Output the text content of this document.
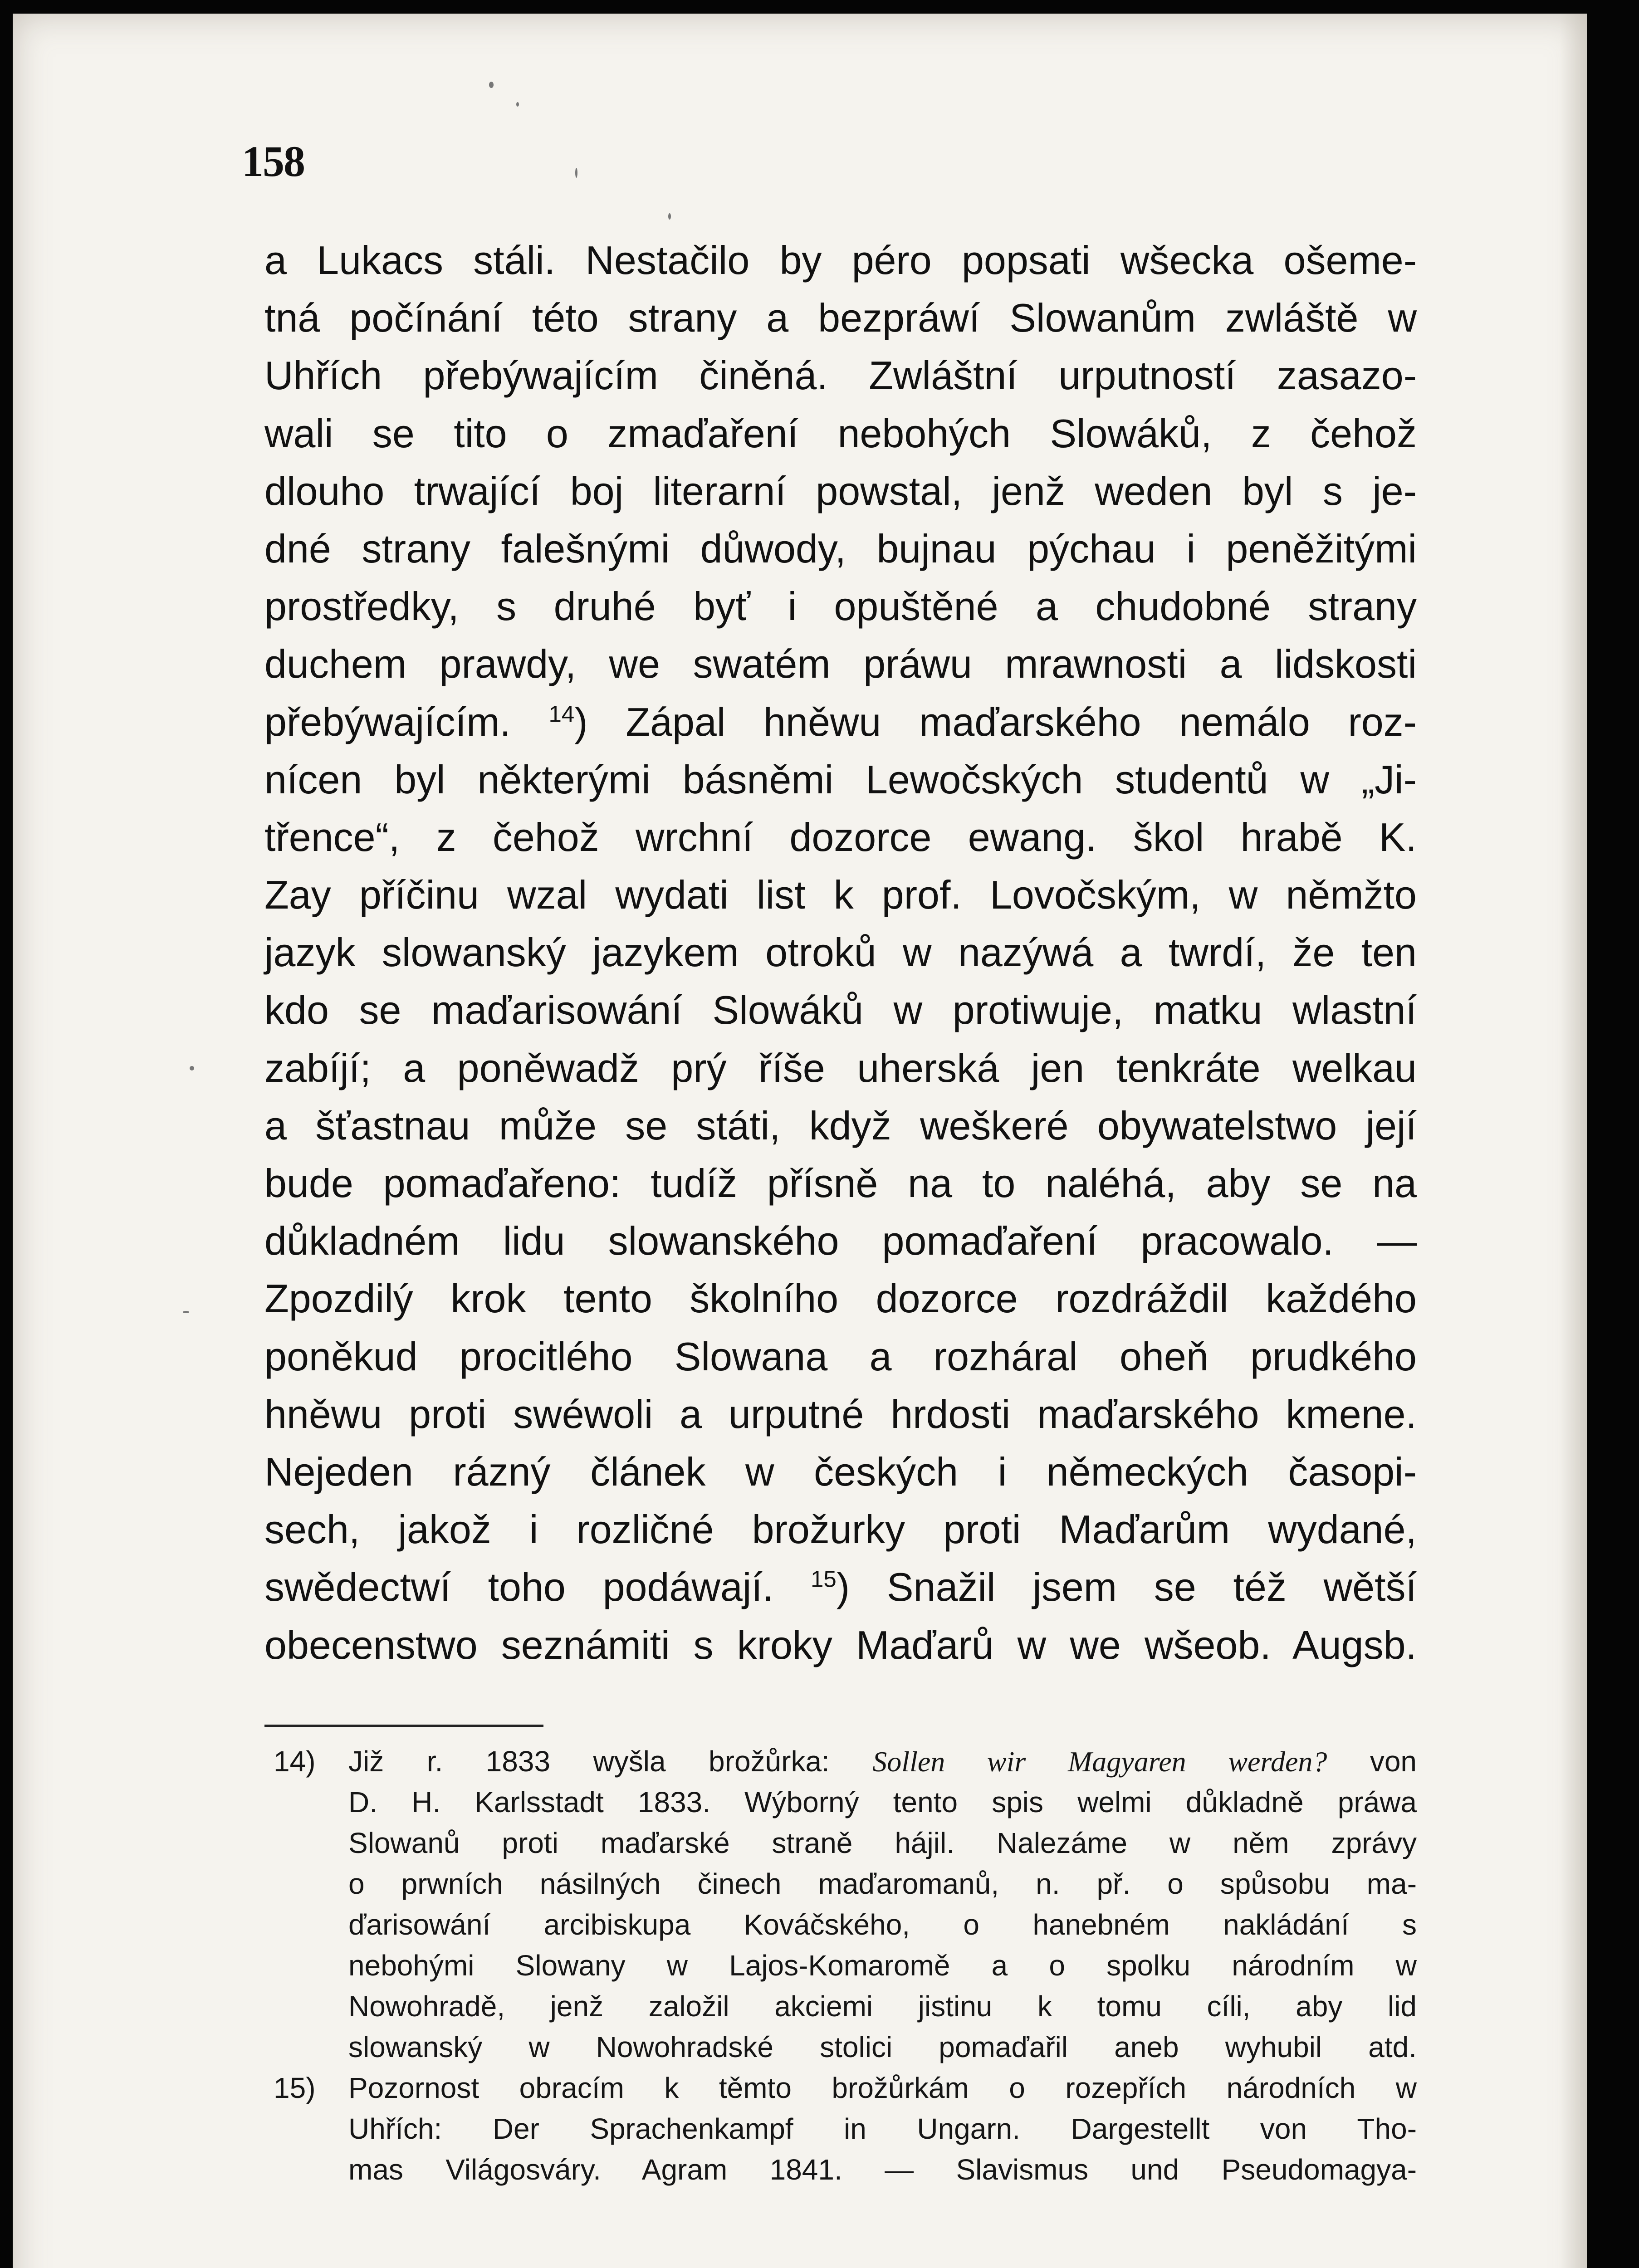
158
a Lukacs stáli. Nestačilo by péro popsati wšecka ošeme-
tná počínání této strany a bezpráwí Slowanům zwláště w
Uhřích přebýwajícím činěná. Zwláštní urputností zasazo-
wali se tito o zmaďaření nebohých Slowáků, z čehož
dlouho trwající boj literarní powstal, jenž weden byl s je-
dné strany falešnými důwody, bujnau pýchau i peněžitými
prostředky, s druhé byť i opuštěné a chudobné strany
duchem prawdy, we swatém práwu mrawnosti a lidskosti
přebýwajícím. $^{14}$) Zápal hněwu maďarského nemálo roz-
nícen byl některými básněmi Lewočských studentů w „Ji-
třence“, z čehož wrchní dozorce ewang. škol hrabě K.
Zay příčinu wzal wydati list k prof. Lovočským, w němžto
jazyk slowanský jazykem otroků w nazýwá a twrdí, že ten
kdo se maďarisowání Slowáků w protiwuje, matku wlastní
zabíjí; a poněwadž prý říše uherská jen tenkráte welkau
a šťastnau může se státi, když weškeré obywatelstwo její
bude pomaďařeno: tudíž přísně na to naléhá, aby se na
důkladném lidu slowanského pomaďaření pracowalo. —
Zpozdilý krok tento školního dozorce rozdráždil každého
poněkud procitlého Slowana a rozháral oheň prudkého
hněwu proti swéwoli a urputné hrdosti maďarského kmene.
Nejeden rázný článek w českých i německých časopi-
sech, jakož i rozličné brožurky proti Maďarům wydané,
swědectwí toho podáwají. $^{15}$) Snažil jsem se též wětší
obecenstwo seznámiti s kroky Maďarů w we wšeob. Augsb.
14) Již r. 1833 wyšla brožůrka: Sollen wir Magyaren werden? von
D. H. Karlsstadt 1833. Wýborný tento spis welmi důkladně práwa
Slowanů proti maďarské straně hájil. Nalezáme w něm zprávy
o prwních násilných činech maďaromanů, n. př. o spůsobu ma-
ďarisowání arcibiskupa Kováčského, o hanebném nakládání s
nebohými Slowany w Lajos-Komaromě a o spolku národním w
Nowohradě, jenž založil akciemi jistinu k tomu cíli, aby lid
slowanský w Nowohradské stolici pomaďařil aneb wyhubil atd.
15) Pozornost obracím k těmto brožůrkám o rozepřích národních w
Uhřích: Der Sprachenkampf in Ungarn. Dargestellt von Tho-
mas Világosváry. Agram 1841. — Slavismus und Pseudomagya-
